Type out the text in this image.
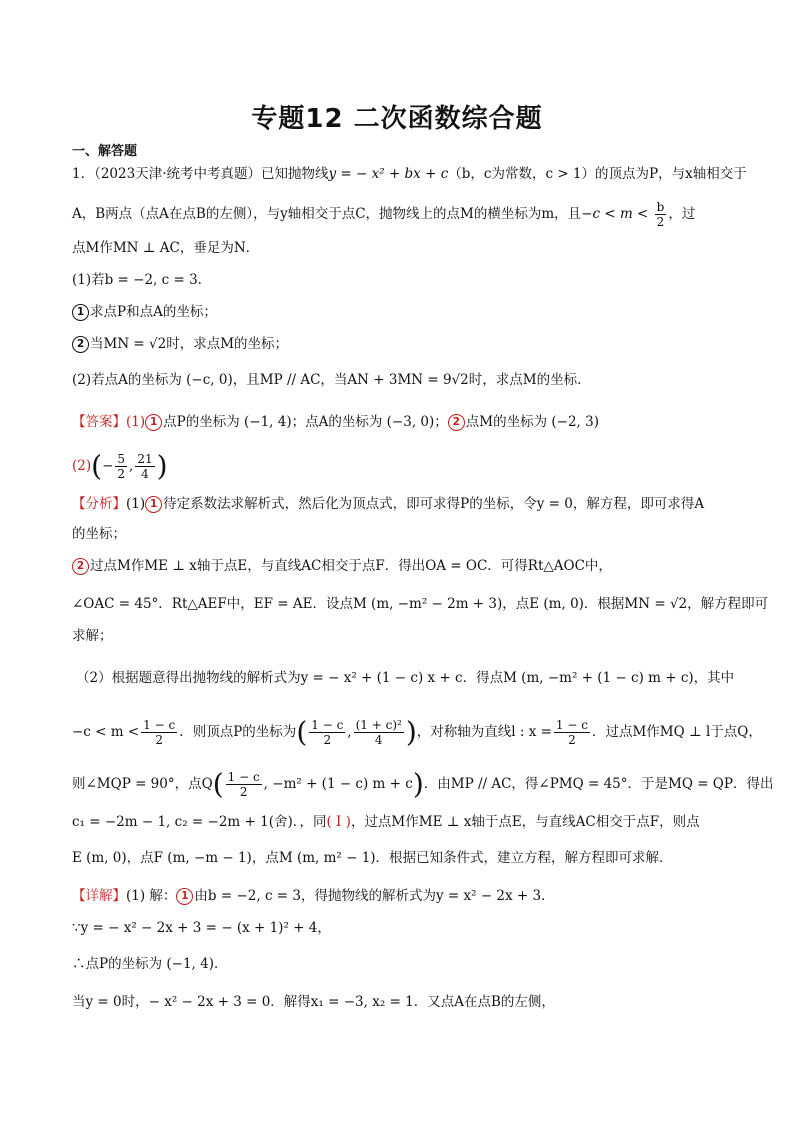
专题12 二次函数综合题
一、解答题
1．（2023天津·统考中考真题）已知抛物线y = − x² + bx + c（b，c为常数，c > 1）的顶点为P，与x轴相交于
A，B两点（点A在点B的左侧），与y轴相交于点C，抛物线上的点M的横坐标为m，且$-c < m < \frac{b}{2}$ ，过
点M作MN ⊥ AC，垂足为N．
(1)若b = −2, c = 3．
1 求点P和点A的坐标；
2 当MN = √2时，求点M的坐标；
(2)若点A的坐标为 (−c, 0)，且MP // AC，当AN + 3MN = 9√2时，求点M的坐标．
【答案】(1) 1 点P的坐标为 (−1, 4)；点A的坐标为 (−3, 0)； 2 点M的坐标为 (−2, 3)
$(2)(- \frac{5}{2}$ , $\frac{21}{4}$ )
【分析】(1) 1 待定系数法求解析式，然后化为顶点式，即可求得P的坐标，令y = 0，解方程，即可求得A
的坐标；
2 过点M作ME ⊥ x轴于点E，与直线AC相交于点F．得出OA = OC．可得Rt△AOC中，
∠OAC = 45°．Rt△AEF中，EF = AE．设点M (m, −m² − 2m + 3)，点E (m, 0)．根据MN = √2，解方程即可
求解；
（2）根据题意得出抛物线的解析式为y = − x² + (1 − c) x + c．得点M (m, −m² + (1 − c) m + c)，其中
$-c < m < \frac{1 - c}{2}$ ．则顶点P的坐标为( $\frac{1 - c}{2}$ , $\frac{\text{(1 + c)²}}{4}$ )，对称轴为直线l : $x = \frac{1 - c}{2}$ ．过点M作MQ ⊥ l于点Q，
则∠MQP = 90°，点$Q( \frac{1 - c}{2}$ , −m² + (1 − c) m + c)．由MP // AC，得∠PMQ = 45°．于是MQ = QP．得出
c₁ = −2m − 1, c₂ = −2m + 1(舍)．，同( I )，过点M作ME ⊥ x轴于点E，与直线AC相交于点F，则点
E (m, 0)，点F (m, −m − 1)，点M (m, m² − 1)．根据已知条件式，建立方程，解方程即可求解．
【详解】(1) 解： 1 由b = −2, c = 3，得抛物线的解析式为y = x² − 2x + 3．
∵y = − x² − 2x + 3 = − (x + 1)² + 4，
∴点P的坐标为 (−1, 4)．
当y = 0时，− x² − 2x + 3 = 0．解得x₁ = −3, x₂ = 1．又点A在点B的左侧，
